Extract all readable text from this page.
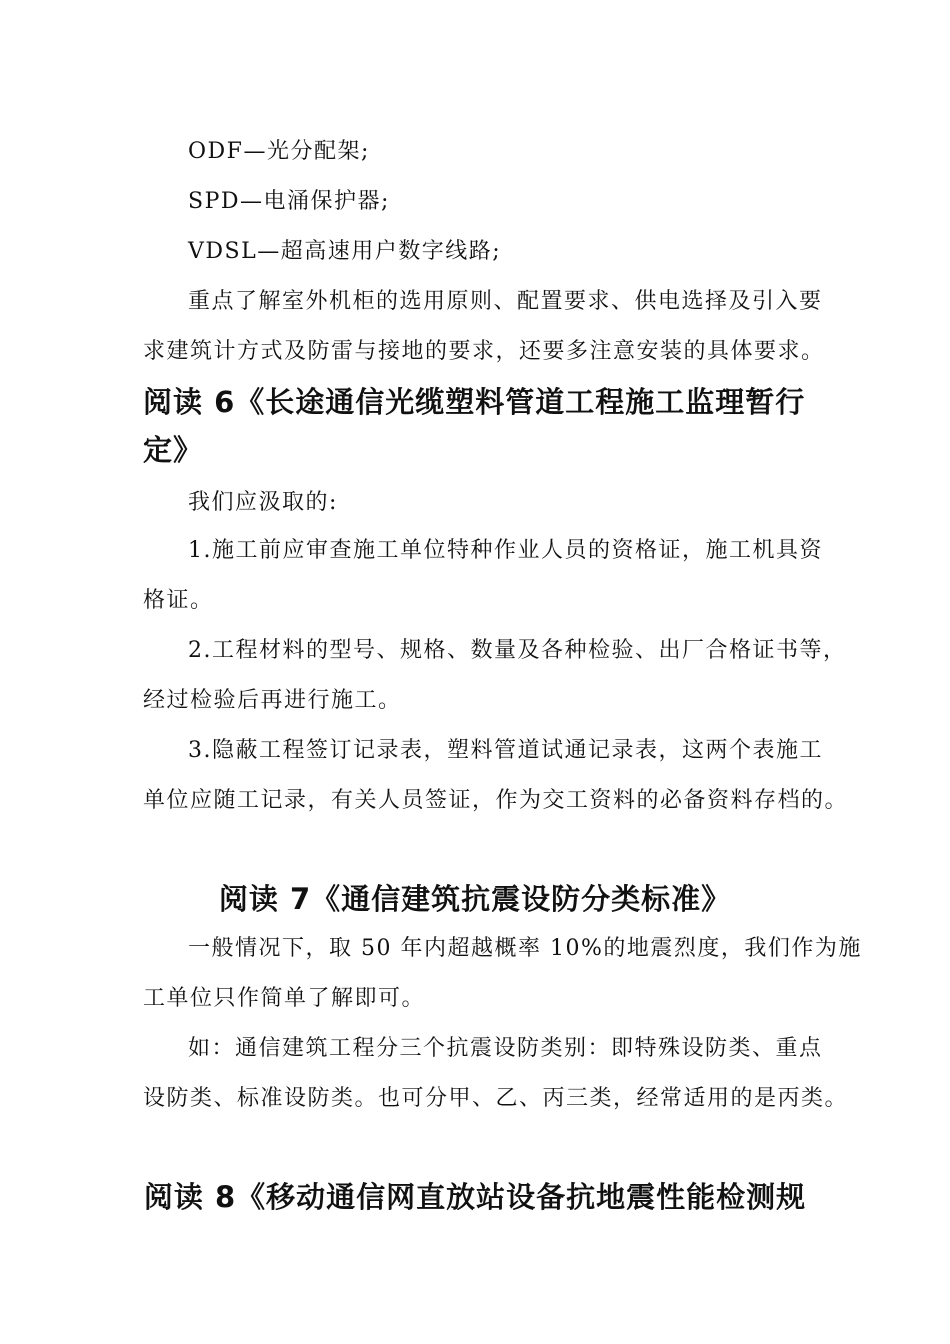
ODF—光分配架;
SPD—电涌保护器;
VDSL—超高速用户数字线路;
重点了解室外机柜的选用原则、配置要求、供电选择及引入要
求建筑计方式及防雷与接地的要求，还要多注意安装的具体要求。
阅读 6《长途通信光缆塑料管道工程施工监理暂行
定》
我们应汲取的:
1.施工前应审查施工单位特种作业人员的资格证，施工机具资
格证。
2.工程材料的型号、规格、数量及各种检验、出厂合格证书等，
经过检验后再进行施工。
3.隐蔽工程签订记录表，塑料管道试通记录表，这两个表施工
单位应随工记录，有关人员签证，作为交工资料的必备资料存档的。
阅读 7《通信建筑抗震设防分类标准》
一般情况下，取 50 年内超越概率 10%的地震烈度，我们作为施
工单位只作简单了解即可。
如：通信建筑工程分三个抗震设防类别：即特殊设防类、重点
设防类、标准设防类。也可分甲、乙、丙三类，经常适用的是丙类。
阅读 8《移动通信网直放站设备抗地震性能检测规
